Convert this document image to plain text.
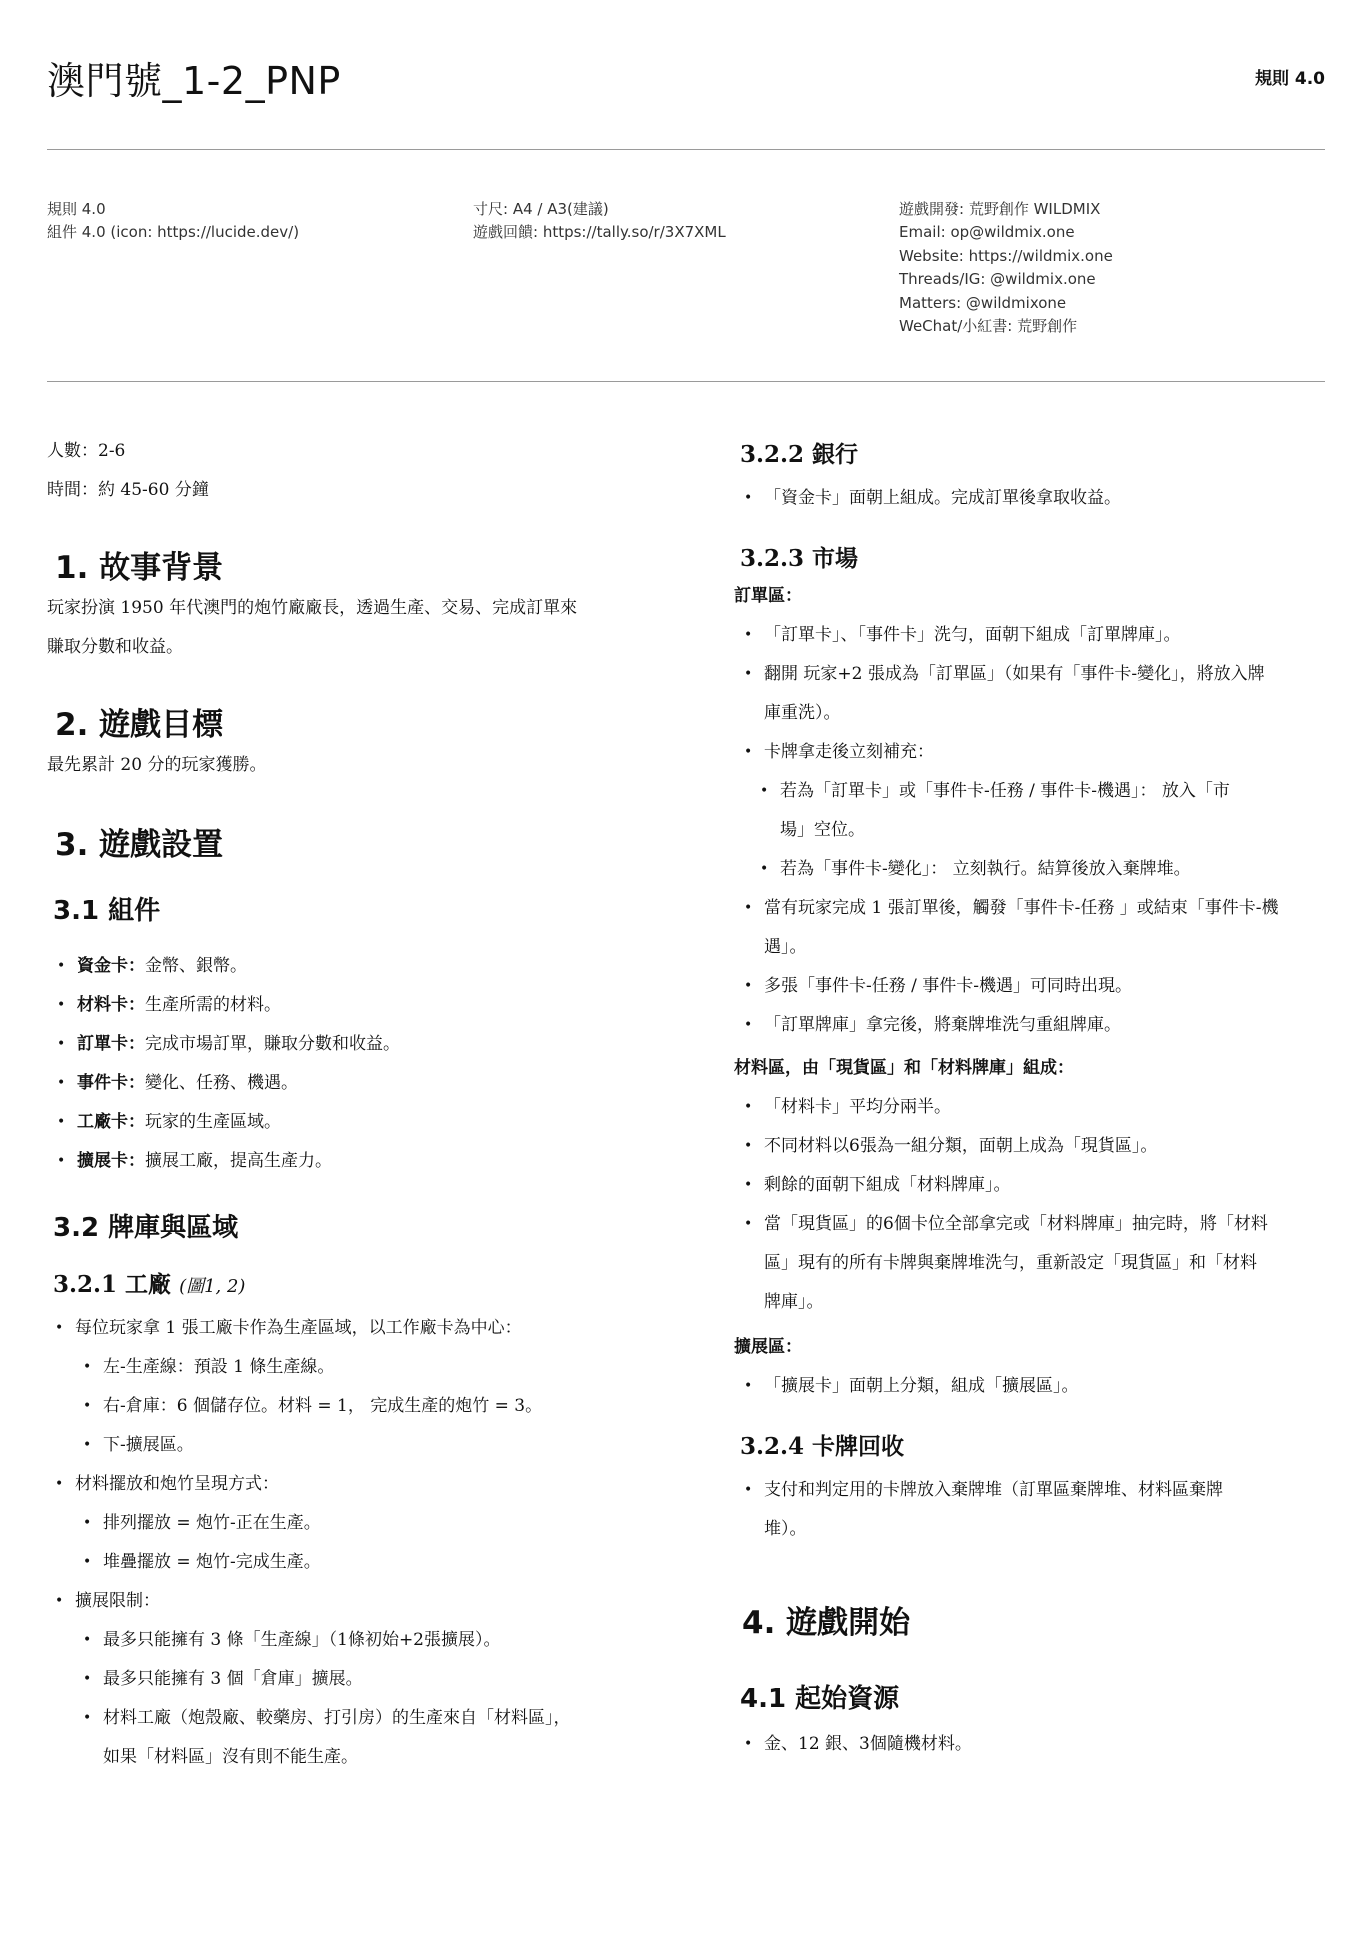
澳門號_1-2_PNP	規則 4.0
規則 4.0
組件 4.0 (icon: https://lucide.dev/)
寸尺: A4 / A3(建議)
遊戲回饋: https://tally.so/r/3X7XML
遊戲開發: 荒野創作 WILDMIX
Email: op@wildmix.one
Website: https://wildmix.one
Threads/IG: @wildmix.one
Matters: @wildmixone
WeChat/小紅書: 荒野創作
人數：2-6
時間：約 45-60 分鐘
1. 故事背景
玩家扮演 1950 年代澳門的炮竹廠廠長，透過生產、交易、完成訂單來
賺取分數和收益。
2. 遊戲目標
最先累計 20 分的玩家獲勝。
3. 遊戲設置
3.1 組件
• 資金卡：金幣、銀幣。
• 材料卡：生產所需的材料。
• 訂單卡：完成市場訂單，賺取分數和收益。
• 事件卡：變化、任務、機遇。
• 工廠卡：玩家的生產區域。
• 擴展卡：擴展工廠，提高生產力。
3.2 牌庫與區域
3.2.1 工廠 (圖1, 2)
• 每位玩家拿 1 張工廠卡作為生產區域，以工作廠卡為中心：
• 左-生產線：預設 1 條生產線。
• 右-倉庫：6 個儲存位。材料 = 1， 完成生產的炮竹 = 3。
• 下-擴展區。
• 材料擺放和炮竹呈現方式：
• 排列擺放 = 炮竹-正在生產。
• 堆疊擺放 = 炮竹-完成生產。
• 擴展限制：
• 最多只能擁有 3 條「生產線」（1條初始+2張擴展）。
• 最多只能擁有 3 個「倉庫」擴展。
• 材料工廠（炮殼廠、較藥房、打引房）的生產來自「材料區」，
如果「材料區」沒有則不能生產。
3.2.2 銀行
• 「資金卡」面朝上組成。完成訂單後拿取收益。
3.2.3 市場
訂單區：
• 「訂單卡」、「事件卡」洗勻，面朝下組成「訂單牌庫」。
• 翻開 玩家+2 張成為「訂單區」（如果有「事件卡-變化」，將放入牌
庫重洗）。
• 卡牌拿走後立刻補充：
• 若為「訂單卡」或「事件卡-任務 / 事件卡-機遇」： 放入「市
場」空位。
• 若為「事件卡-變化」： 立刻執行。結算後放入棄牌堆。
• 當有玩家完成 1 張訂單後，觸發「事件卡-任務 」或結束「事件卡-機
遇」。
• 多張「事件卡-任務 / 事件卡-機遇」可同時出現。
• 「訂單牌庫」拿完後，將棄牌堆洗勻重組牌庫。
材料區，由「現貨區」和「材料牌庫」組成：
• 「材料卡」平均分兩半。
• 不同材料以6張為一組分類，面朝上成為「現貨區」。
• 剩餘的面朝下組成「材料牌庫」。
• 當「現貨區」的6個卡位全部拿完或「材料牌庫」抽完時，將「材料
區」現有的所有卡牌與棄牌堆洗勻，重新設定「現貨區」和「材料
牌庫」。
擴展區：
• 「擴展卡」面朝上分類，組成「擴展區」。
3.2.4 卡牌回收
• 支付和判定用的卡牌放入棄牌堆（訂單區棄牌堆、材料區棄牌
堆）。
4. 遊戲開始
4.1 起始資源
• 金、12 銀、3個隨機材料。
